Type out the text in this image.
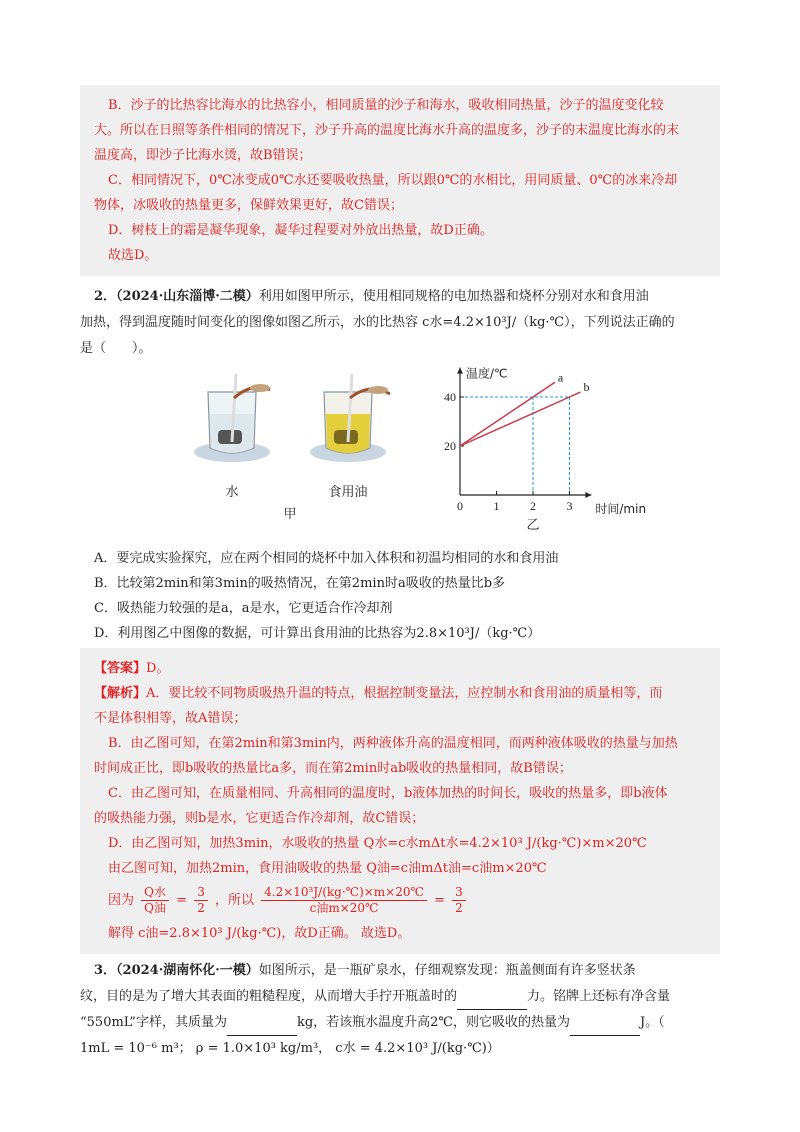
B．沙子的比热容比海水的比热容小，相同质量的沙子和海水，吸收相同热量，沙子的温度变化较

大。所以在日照等条件相同的情况下，沙子升高的温度比海水升高的温度多，沙子的末温度比海水的末

温度高，即沙子比海水烫，故B错误；

C．相同情况下，0℃冰变成0℃水还要吸收热量，所以跟0℃的水相比，用同质量、0℃的冰来冷却

物体，冰吸收的热量更多，保鲜效果更好，故C错误；

D．树枝上的霜是凝华现象，凝华过程要对外放出热量，故D正确。

故选D。

2．（2024·山东淄博·二模）利用如图甲所示，使用相同规格的电加热器和烧杯分别对水和食用油

加热，得到温度随时间变化的图像如图乙所示，水的比热容 c水=4.2×10³J/（kg·℃），下列说法正确的

是（　　）。

水	食用油
甲
0	1	2	3
20
40
a
b
温度/℃
时间/min
乙

A．要完成实验探究，应在两个相同的烧杯中加入体积和初温均相同的水和食用油

B．比较第2min和第3min的吸热情况，在第2min时a吸收的热量比b多

C．吸热能力较强的是a，a是水，它更适合作冷却剂

D．利用图乙中图像的数据，可计算出食用油的比热容为2.8×10³J/（kg·℃）

【答案】D。

【解析】A．要比较不同物质吸热升温的特点，根据控制变量法，应控制水和食用油的质量相等，而

不是体积相等，故A错误；

B．由乙图可知，在第2min和第3min内，两种液体升高的温度相同，而两种液体吸收的热量与加热

时间成正比，即b吸收的热量比a多，而在第2min时ab吸收的热量相同，故B错误；

C．由乙图可知，在质量相同、升高相同的温度时，b液体加热的时间长，吸收的热量多，即b液体

的吸热能力强，则b是水，它更适合作冷却剂，故C错误；

D．由乙图可知，加热3min，水吸收的热量 Q水=c水mΔt水=4.2×10³ J/(kg·℃)×m×20℃

由乙图可知，加热2min，食用油吸收的热量 Q油=c油mΔt油=c油m×20℃

因为 $\frac{\text{Q水}}{\text{Q油}} = \frac{3}{2}$ ，所以 $\frac{\text{4.2×10³J/(kg·℃)×m×20℃}}{\text{c油m×20℃}} = \frac{3}{2}$

解得 c油=2.8×10³ J/(kg·℃)，故D正确。 故选D。

3．（2024·湖南怀化·一模）如图所示，是一瓶矿泉水，仔细观察发现：瓶盖侧面有许多竖状条

纹，目的是为了增大其表面的粗糙程度，从而增大手拧开瓶盖时的	力。铭牌上还标有净含量

“550mL”字样，其质量为	kg，若该瓶水温度升高2℃，则它吸收的热量为	J。（

1mL = 10⁻⁶ m³； ρ = 1.0×10³ kg/m³， c水 = 4.2×10³ J/(kg·℃)）
